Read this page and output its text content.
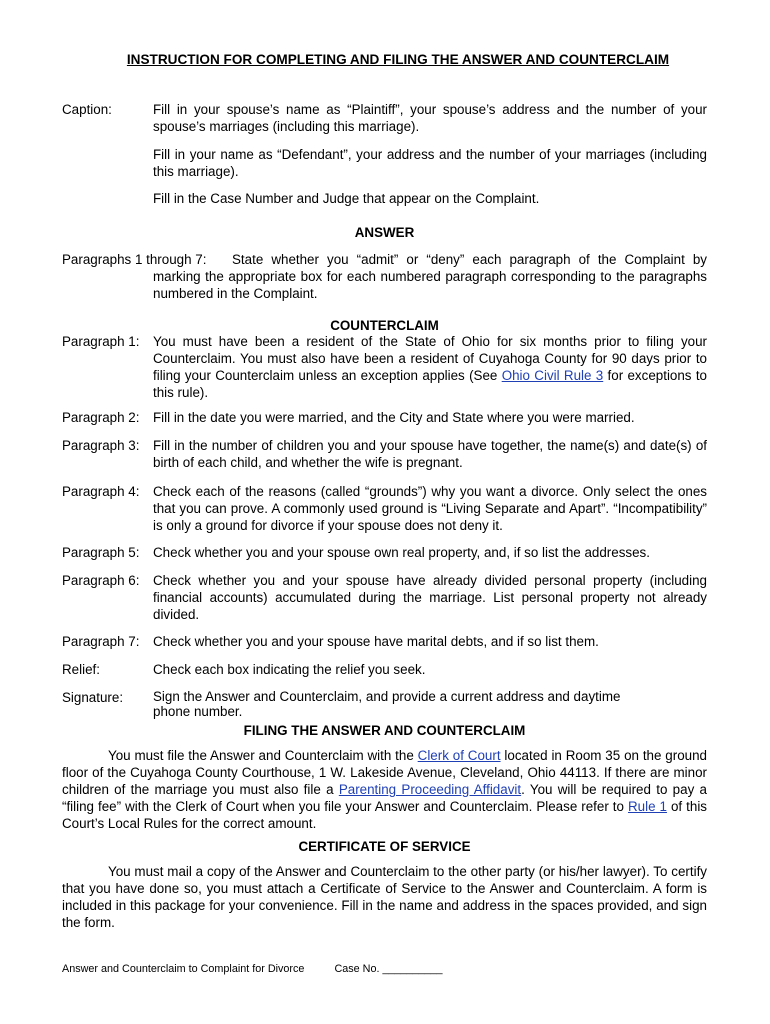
INSTRUCTION FOR COMPLETING AND FILING THE ANSWER AND COUNTERCLAIM
Caption:	Fill in your spouse’s name as “Plaintiff”, your spouse’s address and the number of your spouse’s marriages (including this marriage).
Fill in your name as “Defendant”, your address and the number of your marriages (including this marriage).
Fill in the Case Number and Judge that appear on the Complaint.
ANSWER
Paragraphs 1 through 7:	State whether you “admit” or “deny” each paragraph of the Complaint by marking the appropriate box for each numbered paragraph corresponding to the paragraphs numbered in the Complaint.
COUNTERCLAIM
Paragraph 1: You must have been a resident of the State of Ohio for six months prior to filing your Counterclaim. You must also have been a resident of Cuyahoga County for 90 days prior to filing your Counterclaim unless an exception applies (See Ohio Civil Rule 3 for exceptions to this rule).
Paragraph 2: Fill in the date you were married, and the City and State where you were married.
Paragraph 3: Fill in the number of children you and your spouse have together, the name(s) and date(s) of birth of each child, and whether the wife is pregnant.
Paragraph 4: Check each of the reasons (called “grounds”) why you want a divorce. Only select the ones that you can prove. A commonly used ground is “Living Separate and Apart”. “Incompatibility” is only a ground for divorce if your spouse does not deny it.
Paragraph 5: Check whether you and your spouse own real property, and, if so list the addresses.
Paragraph 6: Check whether you and your spouse have already divided personal property (including financial accounts) accumulated during the marriage. List personal property not already divided.
Paragraph 7: Check whether you and your spouse have marital debts, and if so list them.
Relief:	Check each box indicating the relief you seek.
Signature: Sign the Answer and Counterclaim, and provide a current address and daytime phone number.
FILING THE ANSWER AND COUNTERCLAIM

You must file the Answer and Counterclaim with the Clerk of Court located in Room 35 on the ground floor of the Cuyahoga County Courthouse, 1 W. Lakeside Avenue, Cleveland, Ohio 44113. If there are minor children of the marriage you must also file a Parenting Proceeding Affidavit. You will be required to pay a “filing fee” with the Clerk of Court when you file your Answer and Counterclaim. Please refer to Rule 1 of this Court’s Local Rules for the correct amount.

CERTIFICATE OF SERVICE

You must mail a copy of the Answer and Counterclaim to the other party (or his/her lawyer). To certify that you have done so, you must attach a Certificate of Service to the Answer and Counterclaim. A form is included in this package for your convenience. Fill in the name and address in the spaces provided, and sign the form.

Answer and Counterclaim to Complaint for Divorce	Case No. __________
